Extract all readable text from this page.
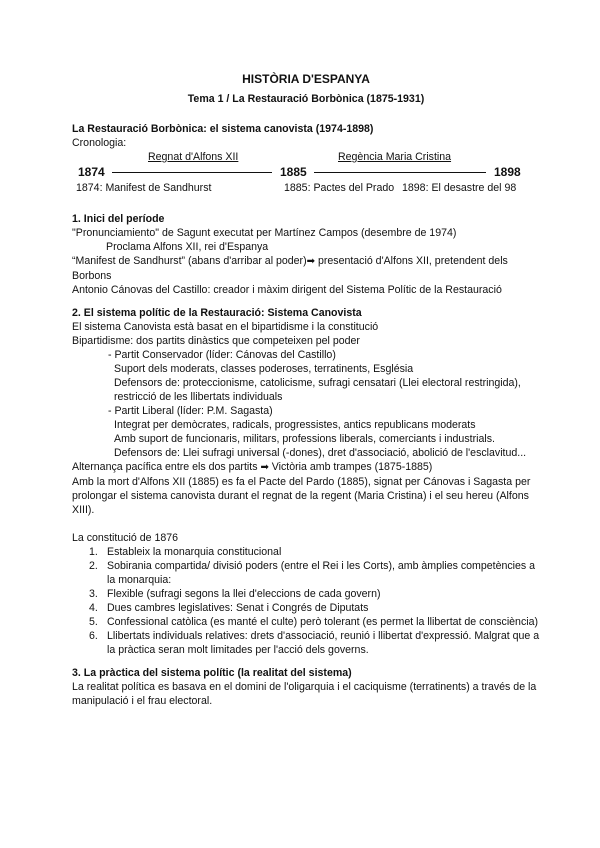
HISTÒRIA D'ESPANYA

Tema 1 / La Restauració Borbònica (1875-1931)

La Restauració Borbònica: el sistema canovista (1974-1898)

Cronologia:

Regnat d'Alfons XII	Regència Maria Cristina
1874	1885	1898
1874: Manifest de Sandhurst	1885: Pactes del Prado 1898: El desastre del 98
1. Inici del període

"Pronunciamiento" de Sagunt executat per Martínez Campos (desembre de 1974)

Proclama Alfons XII, rei d'Espanya

“Manifest de Sandhurst” (abans d'arribar al poder)➡ presentació d'Alfons XII, pretendent dels Borbons

Antonio Cánovas del Castillo: creador i màxim dirigent del Sistema Polític de la Restauració

2. El sistema polític de la Restauració: Sistema Canovista

El sistema Canovista està basat en el bipartidisme i la constitució

Bipartidisme: dos partits dinàstics que competeixen pel poder

- Partit Conservador (líder: Cánovas del Castillo)

Suport dels moderats, classes poderoses, terratinents, Església

Defensors de: proteccionisme, catolicisme, sufragi censatari (Llei electoral restringida), restricció de les llibertats individuals

- Partit Liberal (líder: P.M. Sagasta)

Integrat per demòcrates, radicals, progressistes, antics republicans moderats

Amb suport de funcionaris, militars, professions liberals, comerciants i industrials.

Defensors de: Llei sufragi universal (-dones), dret d'associació, abolició de l'esclavitud...

Alternança pacífica entre els dos partits ➡ Victòria amb trampes (1875-1885)

Amb la mort d'Alfons XII (1885) es fa el Pacte del Pardo (1885), signat per Cánovas i Sagasta per prolongar el sistema canovista durant el regnat de la regent (Maria Cristina) i el seu hereu (Alfons XIII).

La constitució de 1876

1. Estableix la monarquia constitucional
2. Sobirania compartida/ divisió poders (entre el Rei i les Corts), amb àmplies competències a la monarquia:
3. Flexible (sufragi segons la llei d'eleccions de cada govern)
4. Dues cambres legislatives: Senat i Congrés de Diputats
5. Confessional catòlica (es manté el culte) però tolerant (es permet la llibertat de consciència)
6. Llibertats individuals relatives: drets d'associació, reunió i llibertat d'expressió. Malgrat que a la pràctica seran molt limitades per l'acció dels governs.
3. La pràctica del sistema polític (la realitat del sistema)

La realitat política es basava en el domini de l'oligarquia i el caciquisme (terratinents) a través de la manipulació i el frau electoral.
